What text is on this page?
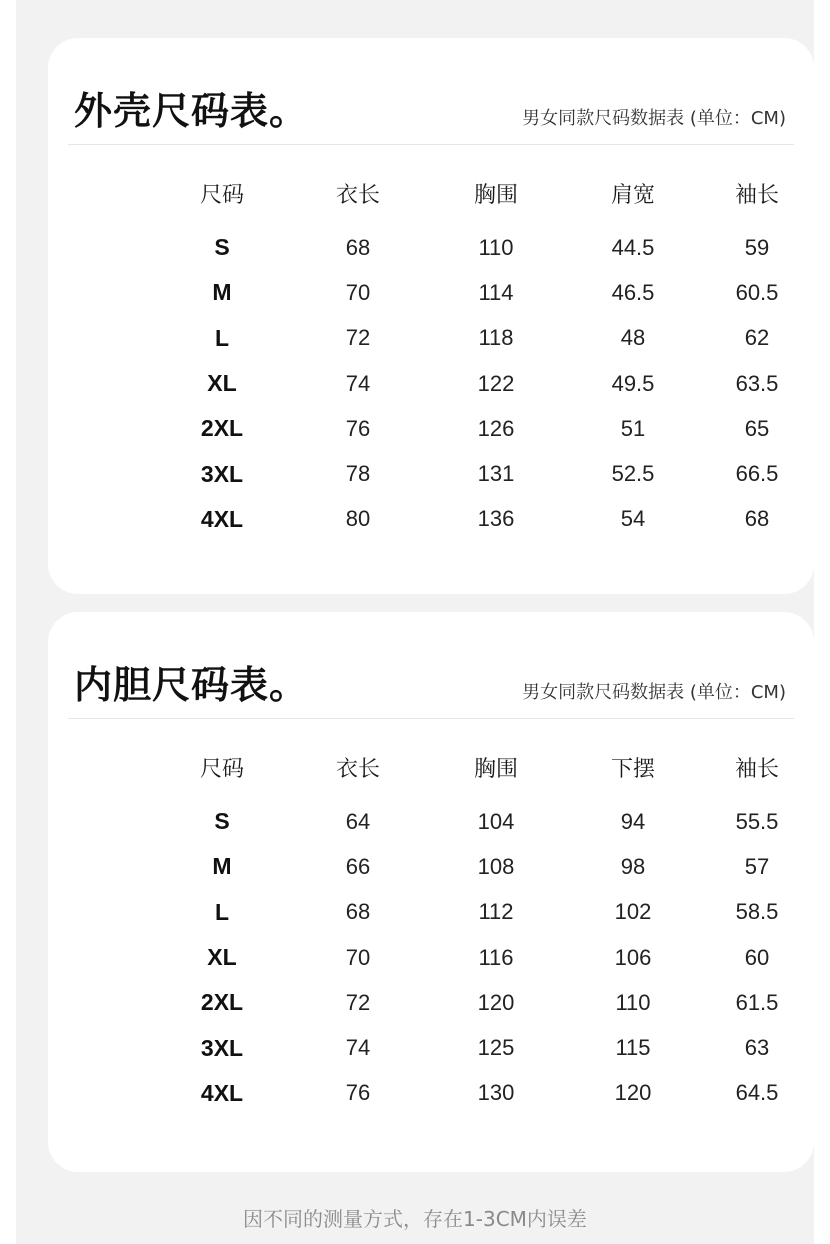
外壳尺码表。	男女同款尺码数据表 (单位：CM)
	尺码	衣长	胸围	肩宽	袖长
	S	68	110	44.5	59
	M	70	114	46.5	60.5
	L	72	118	48	62
	XL	74	122	49.5	63.5
	2XL	76	126	51	65
	3XL	78	131	52.5	66.5
	4XL	80	136	54	68
内胆尺码表。	男女同款尺码数据表 (单位：CM)
	尺码	衣长	胸围	下摆	袖长
	S	64	104	94	55.5
	M	66	108	98	57
	L	68	112	102	58.5
	XL	70	116	106	60
	2XL	72	120	110	61.5
	3XL	74	125	115	63
	4XL	76	130	120	64.5
因不同的测量方式，存在1-3CM内误差
